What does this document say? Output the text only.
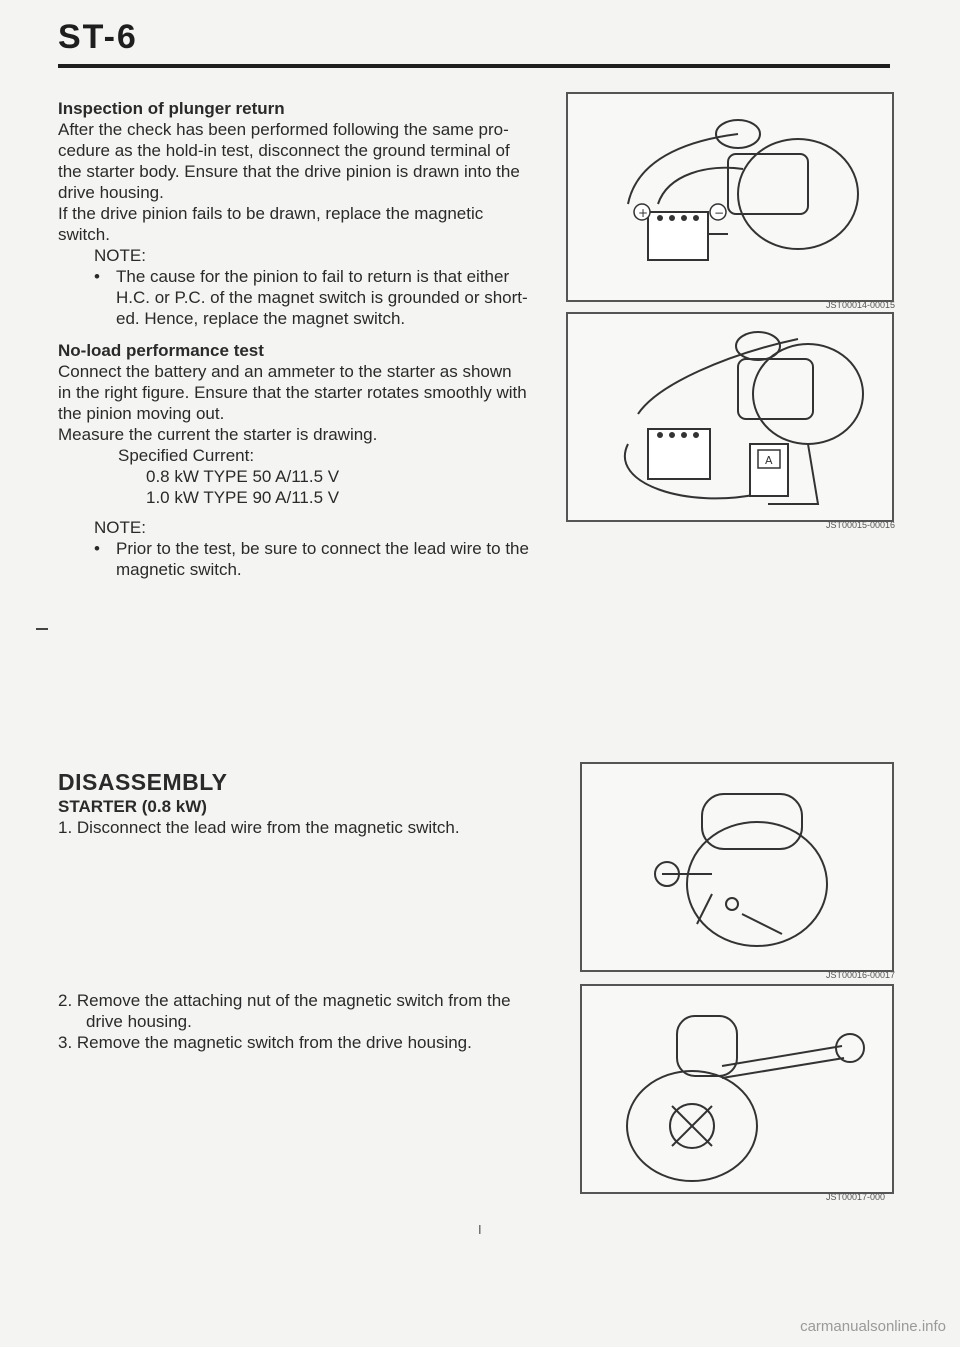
ST-6

Inspection of plunger return

After the check has been performed following the same pro-

cedure as the hold-in test, disconnect the ground terminal of

the starter body. Ensure that the drive pinion is drawn into the

drive housing.

If the drive pinion fails to be drawn, replace the magnetic

switch.

NOTE:

• The cause for the pinion to fail to return is that either

H.C. or P.C. of the magnet switch is grounded or short-

ed. Hence, replace the magnet switch.

No-load performance test

Connect the battery and an ammeter to the starter as shown

in the right figure. Ensure that the starter rotates smoothly with

the pinion moving out.

Measure the current the starter is drawing.

Specified Current:

0.8 kW TYPE 50 A/11.5 V

1.0 kW TYPE 90 A/11.5 V

NOTE:

• Prior to the test, be sure to connect the lead wire to the

magnetic switch.

DISASSEMBLY

STARTER (0.8 kW)

1. Disconnect the lead wire from the magnetic switch.

2. Remove the attaching nut of the magnetic switch from the

drive housing.

3. Remove the magnetic switch from the drive housing.

+	−
JST00014-00015
A
JST00015-00016
JST00016-00017
JST00017-000
I
carmanualsonline.info
